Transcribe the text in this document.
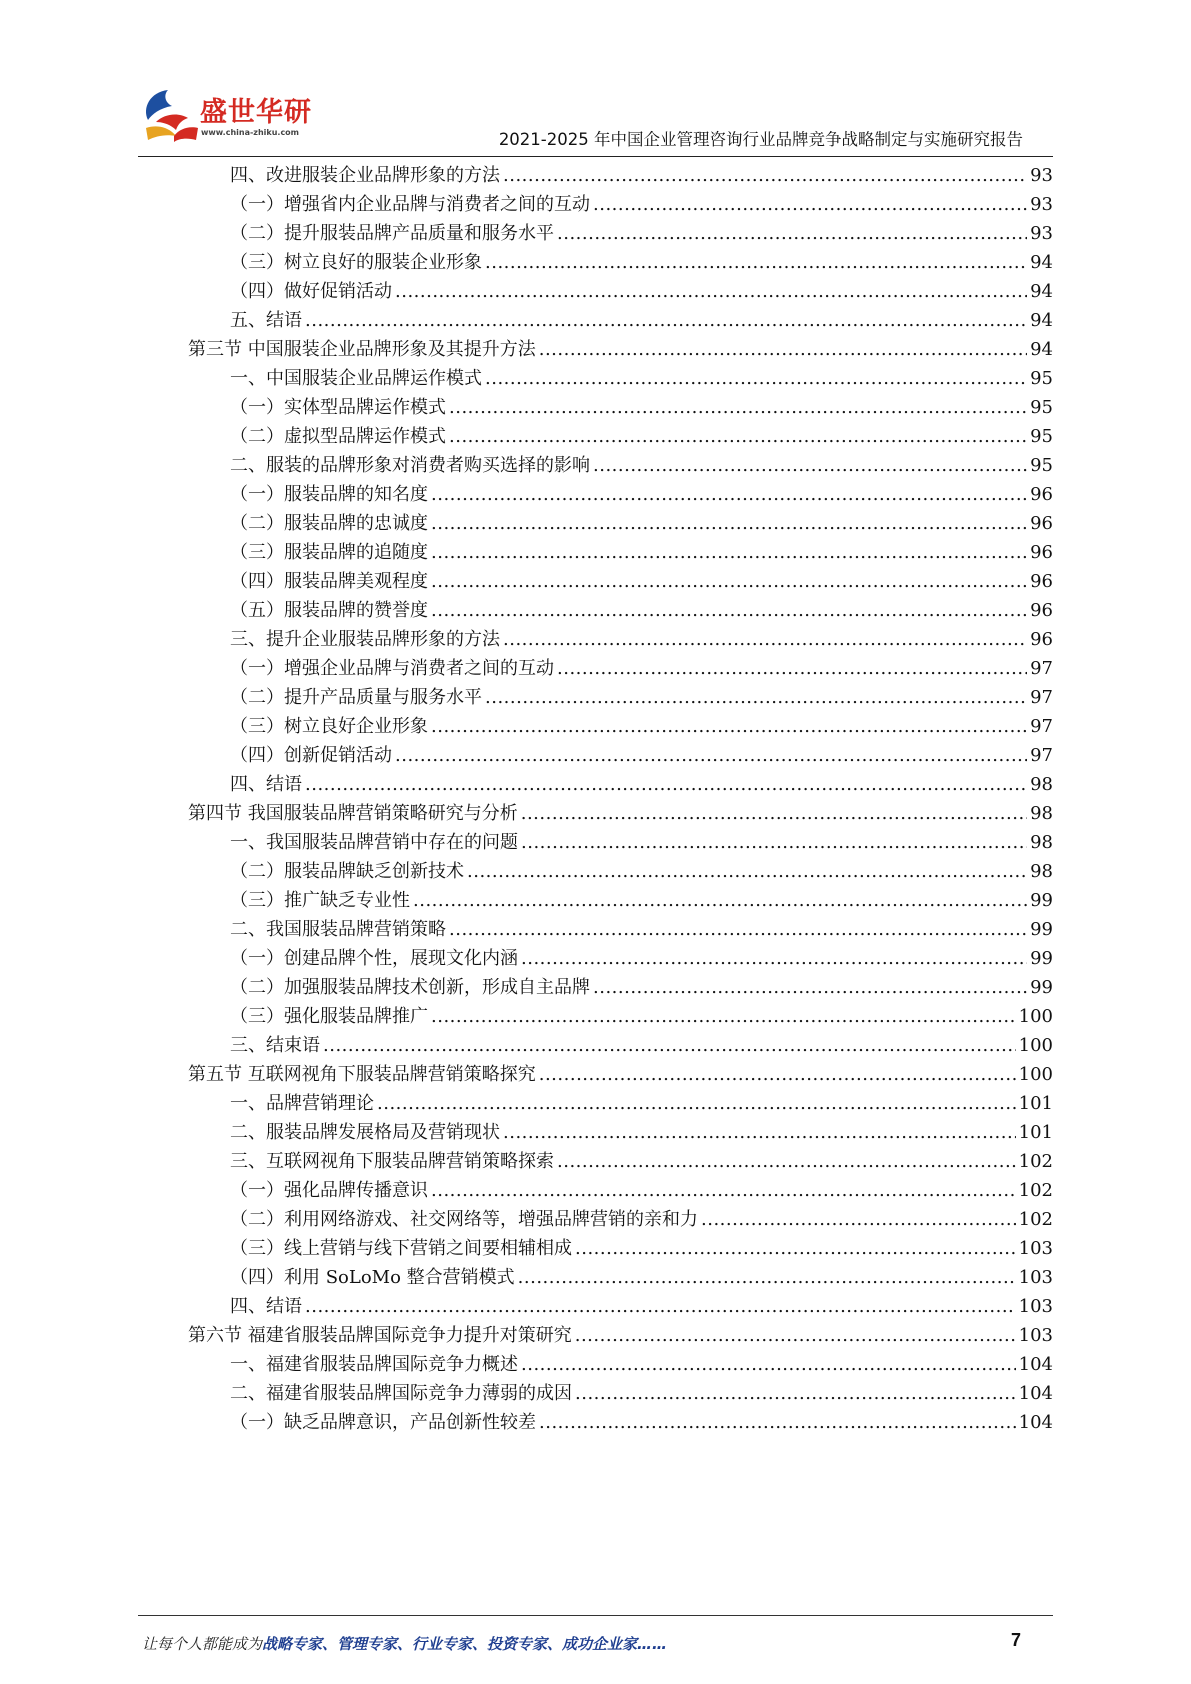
盛世华研
www.china-zhiku.com	2021-2025 年中国企业管理咨询行业品牌竞争战略制定与实施研究报告
四、改进服装企业品牌形象的方法 .....	93
（一）增强省内企业品牌与消费者之间的互动 .....	93
（二）提升服装品牌产品质量和服务水平 .....	93
（三）树立良好的服装企业形象 .....	94
（四）做好促销活动 .....	94
五、结语 .....	94
第三节 中国服装企业品牌形象及其提升方法 .....	94
一、中国服装企业品牌运作模式 .....	95
（一）实体型品牌运作模式 .....	95
（二）虚拟型品牌运作模式 .....	95
二、服装的品牌形象对消费者购买选择的影响 .....	95
（一）服装品牌的知名度 .....	96
（二）服装品牌的忠诚度 .....	96
（三）服装品牌的追随度 .....	96
（四）服装品牌美观程度 .....	96
（五）服装品牌的赞誉度 .....	96
三、提升企业服装品牌形象的方法 .....	96
（一）增强企业品牌与消费者之间的互动 .....	97
（二）提升产品质量与服务水平 .....	97
（三）树立良好企业形象 .....	97
（四）创新促销活动 .....	97
四、结语 .....	98
第四节 我国服装品牌营销策略研究与分析 .....	98
一、我国服装品牌营销中存在的问题 .....	98
（二）服装品牌缺乏创新技术 .....	98
（三）推广缺乏专业性 .....	99
二、我国服装品牌营销策略 .....	99
（一）创建品牌个性，展现文化内涵 .....	99
（二）加强服装品牌技术创新，形成自主品牌 .....	99
（三）强化服装品牌推广 .....	100
三、结束语 .....	100
第五节 互联网视角下服装品牌营销策略探究 .....	100
一、品牌营销理论 .....	101
二、服装品牌发展格局及营销现状 .....	101
三、互联网视角下服装品牌营销策略探索 .....	102
（一）强化品牌传播意识 .....	102
（二）利用网络游戏、社交网络等，增强品牌营销的亲和力 .....	102
（三）线上营销与线下营销之间要相辅相成 .....	103
（四）利用 SoLoMo 整合营销模式 .....	103
四、结语 .....	103
第六节 福建省服装品牌国际竞争力提升对策研究 .....	103
一、福建省服装品牌国际竞争力概述 .....	104
二、福建省服装品牌国际竞争力薄弱的成因 .....	104
（一）缺乏品牌意识，产品创新性较差 .....	104
让每个人都能成为战略专家、管理专家、行业专家、投资专家、成功企业家……	7
